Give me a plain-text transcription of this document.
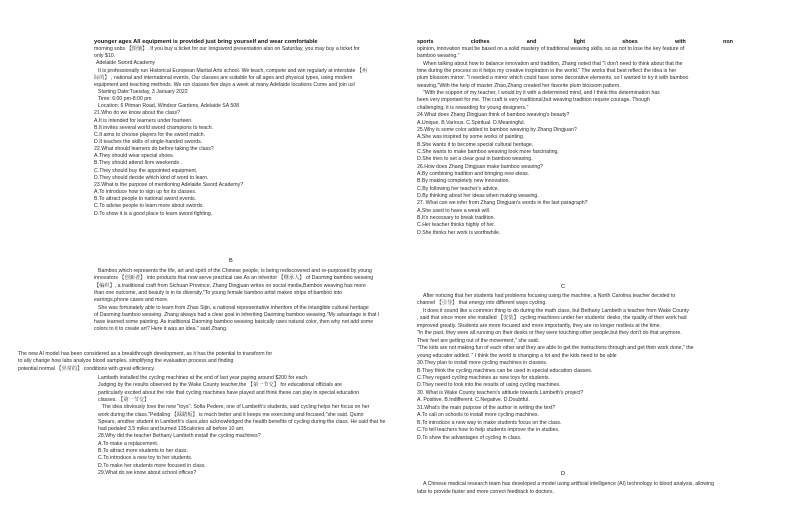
younger ages All equipment is provided just bring yourself and wear comfortable
morning sobs 【烦恼】. If you buy a ticket for our longsword presentation also on Saturday, you may buy a ticket for
only $10.
Adelaide Sword Academy
It is professionally run Historical European Martial Arts school. We teach, compete and win regularly at interstate 【州
际的】 , national and international events. Our classes are suitable for all ages and physical types, using modern
equipment and teaching methods. We run classes five days a week at many Adelaide locations Come and join us!
Starting Date:Tuesday, 3 January 2022
Time: 6:00 pm-8:00 pm
Location: 6 Pitman Road, Windsor Gardens, Adelaide SA 508
21.Who do we know about the class?
A.It is intended for learners under fourteen.
B.It invites several world sword champions to teach.
C.It aims to choose players for the sword match.
D.It teaches the skills of single-handed swords.
22.What should learners do before taking the class?
A.They should wear special shoes.
B.They should attend Ilom weekends .
C.They should buy the appointed equipment.
D.They should decide which kind of word to learn.
23.What is the purpose of mentioning Adelaide Sword Academy?
A.To introduce how to sign up for its classes.
B.To attract people to national sword events.
C.To advise people to learn more about swords.
D.To show it is a good place to learn sword fighting.
B
Bamboo,which represents the life, art and spirit of the Chinese people, is being rediscovered and re-purposed by young
innovators 【创新者】 into products that now serve practical use.As an inheritor 【继承人】 of Daoming bamboo weaving
【编织】, a traditional craft from Sichuan Province, Zhang Dingjuan writes on social media,Bamboo weaving has more
than one outcome, and beauty is in its diversity."To young female bamboo artist makes strips of bamboo into
earrings,phone cases and more.
She was fortunately able to learn from Zhao Sijin, a national representative inheritors of the intangible cultural heritage
of Daoming bamboo weaving. Zhang always had a clear goal in inheriting Daoming bamboo weaving."My advantage is that I
have learned some painting. As traditional Daoming bamboo weaving basically uses natural color, then why not add some
colors to it to create art? Here it was an idea." said Zhang.
The new AI model has been considered as a breakthrough development, as it has the potential to transform for
to ally change how labs analyze blood samples, simplifying the evaluation process and finding
potential normal 【异常的】 conditions with great efficiency.
Lambeth installed the cycling machines at the end of last year paying around $200 for each.
Judging by the results observed by the Wake County teacher,the 【第一节交】 for educational officials are
particularly excited about the role that cycling machines have played and think these can play in special education
classes. 【第一节交】
The idea obviously love the new "toys". Sofia Pedere, one of Lambeth's students, said cycling helps her focus on her
work during the class."Pedaling 【踩踏板】 is much better and it keeps me exercising and focused,"she said. Quinn
Spears, another student in Lambeth's class,also acknowledged the health benefits of cycling during the class. He said that he
had pedaled 3.5 miles and burned 135calories all before 10 am.
28.Why did the teacher Bethany Lambeth install the cycling machines?
A.To make a replacement.
B.To attract more students to her class.
C.To introduce a new toy to her students.
D.To make her students more focused in class.
29.What do we know about school offices?
sports	clothes	and	light	shoes	with	non
opinion, innovation must be based on a solid mastery of traditional weaving skills, so as not to lose the key feature of
bamboo weaving."
When talking about how to balance innovation and tradition, Zhang noted that "I don't need to think about that the
time during the process so it helps my creative inspiration in the world." The works that best reflect the idea is her
plum blossom mirror. "I needed a mirror which could have some decorative elements, so I wanted to try it with bamboo
weaving."With the help of master Zhao,Zhang created her favorite plum blossom pattern.
"With the support of my teacher, I would try it with a determined mind, and I think this determination has
been very important for me. The craft is very traditional,but weaving tradition require courage. Though
challenging, it is rewarding for young designers."
24.What does Zhang Dingjuan think of bamboo weaving's beauty?
A.Unique. B.Various. C.Spiritual. D.Meaningful.
25.Why is some color added to bamboo weaving by Zhang Dingjuan?
A.She was inspired by some works of painting.
B.She wants it to become special cultural heritage.
C.She wants to make bamboo weaving look more fascinating.
D.She tries to set a clear goal in bamboo weaving.
26.How does Zhang Dingjuan make bamboo weaving?
A.By combining tradition and bringing new ideas.
B.By making completely new innovation.
C.By following her teacher's advice.
D.By thinking about her ideas when making weaving.
27. What can we infer from Zhang Dingjuan's words in the last paragraph?
A.She used to have a weak will.
B.It's necessary to break tradition.
C.Her teacher thinks highly of her.
D.She thinks her work is worthwhile.
C
After noticing that her students had problems focusing using the machine, a North Carolina teacher decided to
channel 【引导】 that energy into different ways cycling.
It does it sound like a common thing to do during the math class, but Bethany Lambeth a teacher from Wake County
, said that since more she installed 【安装】 cycling machines under her students’ desks, the quality of their work had
improved greatly. Students are more focused and more importantly, they are no longer restless at the time.
"In the past, they were all running on their desks or they were touching other people,but they don't do that anymore.
Their feet are getting out of the movement," she said.
"The kids are not making fun of each other and they are able to get the instructions through and get their work done," the
young educator added. " I think the world is changing a lot and the kids need to be able
30.They plan to install more cycling machines in classes.
B.They think the cycling machines can be used in special education classes.
C.They regard cycling machines as new toys for students.
D.They need to look into the results of using cycling machines.
30. What is Wake County teachers's attitude towards Lambeth's project?
A. Positive. B.Indifferent. C.Negative. D.Doubtful.
31.What's the main purpose of the author in writing the text?
A.To call on schools to install more cycling machines.
B.To introduce a new way to make students focus on the class.
C.To tell teachers how to help students improve the in studies.
D.To show the advantages of cycling in class.
D
A Chinese medical research team has developed a model using artificial intelligence (AI) technology to blood analysis, allowing
labs to provide faster and more correct feedback to doctors.
